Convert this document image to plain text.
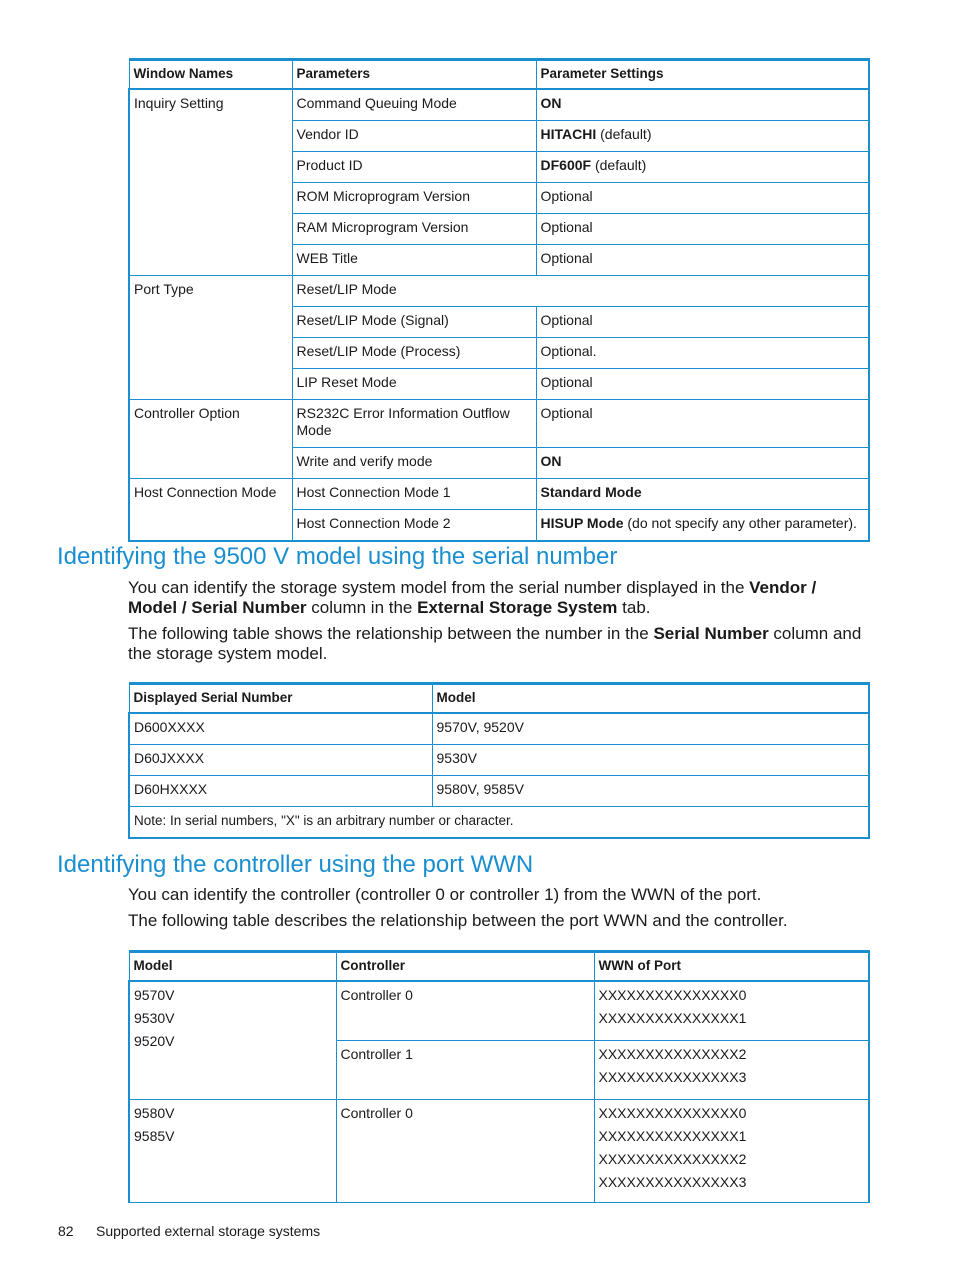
Window Names	Parameters	Parameter Settings
Inquiry Setting	Command Queuing Mode	ON
	Vendor ID	HITACHI (default)
	Product ID	DF600F (default)
	ROM Microprogram Version	Optional
	RAM Microprogram Version	Optional
	WEB Title	Optional
Port Type	Reset/LIP Mode	
	Reset/LIP Mode (Signal)	Optional
	Reset/LIP Mode (Process)	Optional.
	LIP Reset Mode	Optional
Controller Option	RS232C Error Information Outflow Mode	Optional
	Write and verify mode	ON
Host Connection Mode	Host Connection Mode 1	Standard Mode
	Host Connection Mode 2	HISUP Mode (do not specify any other parameter).
Identifying the 9500 V model using the serial number

You can identify the storage system model from the serial number displayed in the Vendor / Model / Serial Number column in the External Storage System tab.

The following table shows the relationship between the number in the Serial Number column and the storage system model.

Displayed Serial Number	Model
D600XXXX	9570V, 9520V
D60JXXXX	9530V
D60HXXXX	9580V, 9585V
Note: In serial numbers, "X" is an arbitrary number or character.	
Identifying the controller using the port WWN

You can identify the controller (controller 0 or controller 1) from the WWN of the port.

The following table describes the relationship between the port WWN and the controller.

Model	Controller	WWN of Port

9570V
9530V
9520V	Controller 0	XXXXXXXXXXXXXXX0
XXXXXXXXXXXXXXX1

	Controller 1	XXXXXXXXXXXXXXX2
XXXXXXXXXXXXXXX3

9580V
9585V	Controller 0	XXXXXXXXXXXXXXX0
XXXXXXXXXXXXXXX1
XXXXXXXXXXXXXXX2
XXXXXXXXXXXXXXX3
82 Supported external storage systems
